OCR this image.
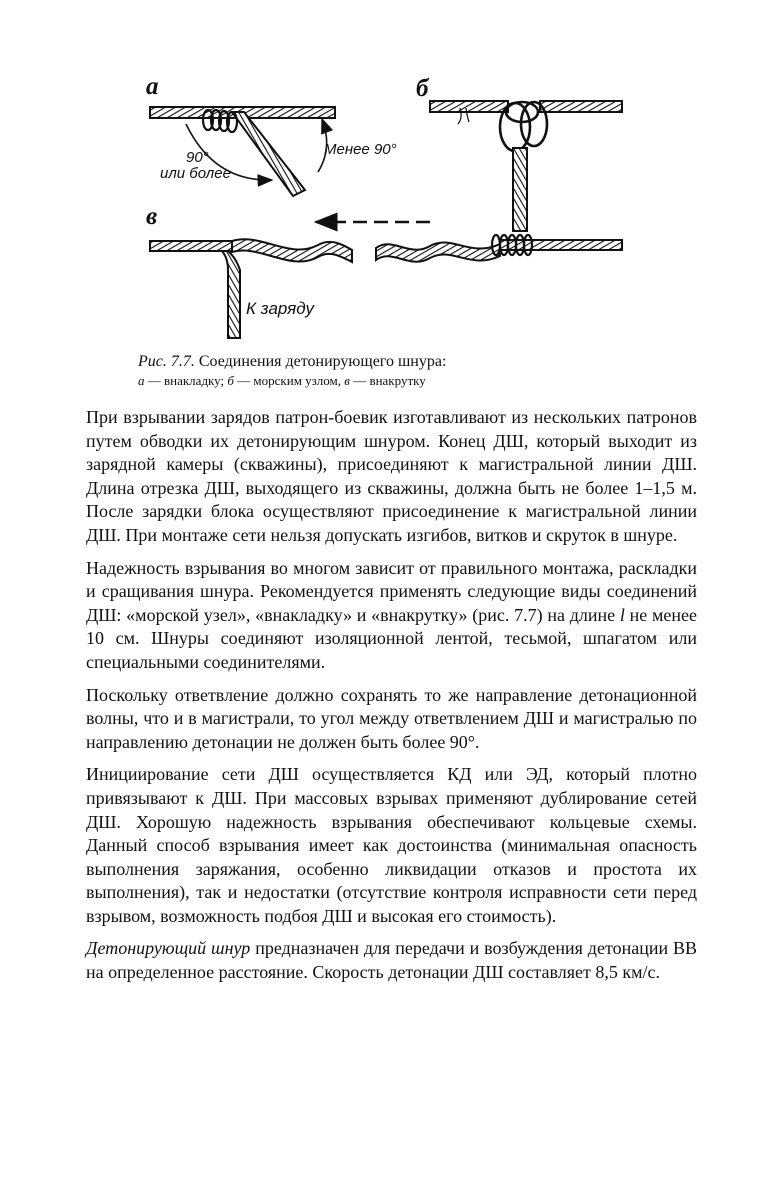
а	б
в
Менее 90°
90°
или более
К заряду
Рис. 7.7. Соединения детонирующего шнура:
а — внакладку; б — морским узлом, в — внакрутку

При взрывании зарядов патрон-боевик изготавливают из нескольких патронов путем обводки их детонирующим шнуром. Конец ДШ, который выходит из зарядной камеры (скважины), присоединяют к магистральной линии ДШ. Длина отрезка ДШ, выходящего из скважины, должна быть не более 1–1,5 м. После зарядки блока осуществляют присоединение к магистральной линии ДШ. При монтаже сети нельзя допускать изгибов, витков и скруток в шнуре.

Надежность взрывания во многом зависит от правильного монтажа, раскладки и сращивания шнура. Рекомендуется применять следующие виды соединений ДШ: «морской узел», «внакладку» и «внакрутку» (рис. 7.7) на длине l не менее 10 см. Шнуры соединяют изоляционной лентой, тесьмой, шпагатом или специальными соединителями.

Поскольку ответвление должно сохранять то же направление детонационной волны, что и в магистрали, то угол между ответвлением ДШ и магистралью по направлению детонации не должен быть более 90°.

Инициирование сети ДШ осуществляется КД или ЭД, который плотно привязывают к ДШ. При массовых взрывах применяют дублирование сетей ДШ. Хорошую надежность взрывания обеспечивают кольцевые схемы. Данный способ взрывания имеет как достоинства (минимальная опасность выполнения заряжания, особенно ликвидации отказов и простота их выполнения), так и недостатки (отсутствие контроля исправности сети перед взрывом, возможность подбоя ДШ и высокая его стоимость).

Детонирующий шнур предназначен для передачи и возбуждения детонации ВВ на определенное расстояние. Скорость детонации ДШ составляет 8,5 км/с.
